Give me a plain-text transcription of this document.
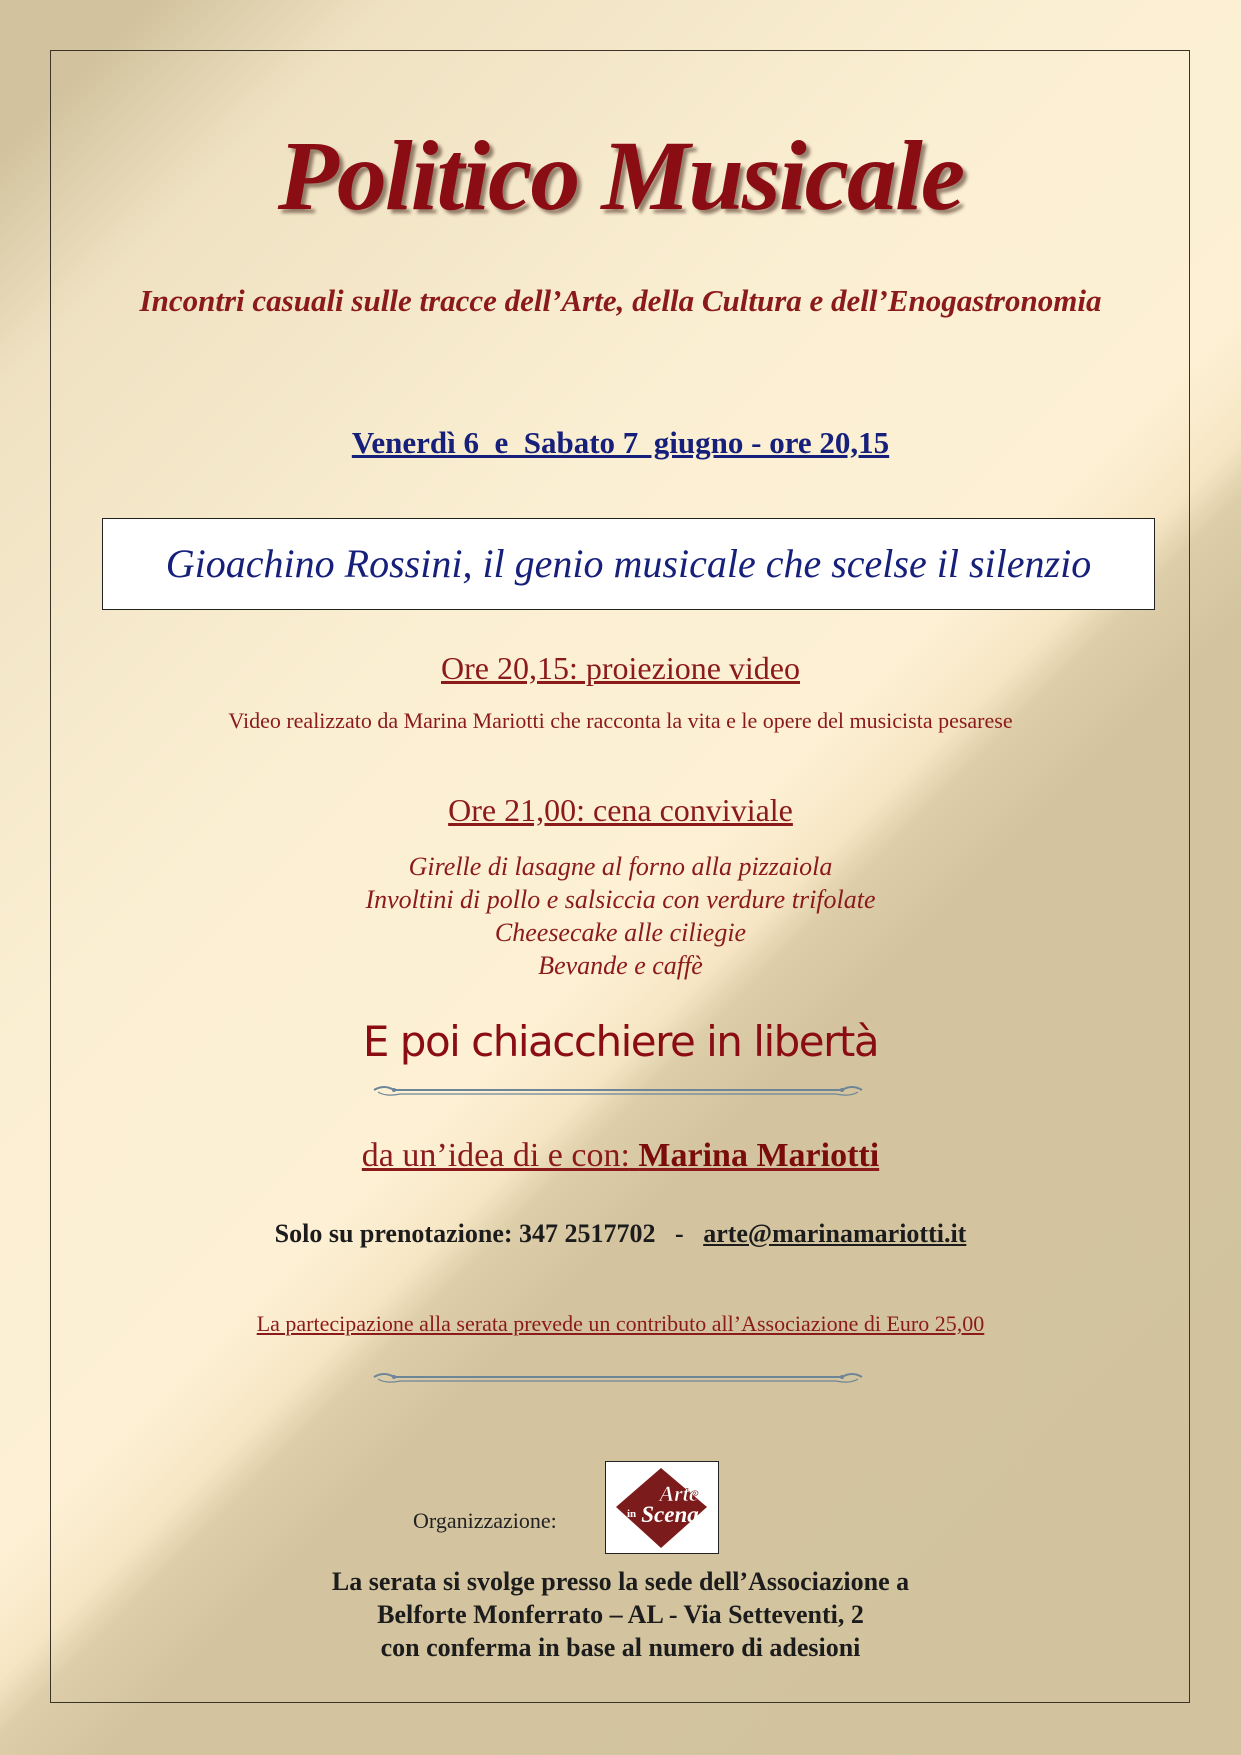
Politico Musicale
Incontri casuali sulle tracce dell’Arte, della Cultura e dell’Enogastronomia
Venerdì 6  e  Sabato 7  giugno - ore 20,15
Gioachino Rossini, il genio musicale che scelse il silenzio
Ore 20,15: proiezione video
Video realizzato da Marina Mariotti che racconta la vita e le opere del musicista pesarese
Ore 21,00: cena conviviale
Girelle di lasagne al forno alla pizzaiola
Involtini di pollo e salsiccia con verdure trifolate
Cheesecake alle ciliegie
Bevande e caffè
E poi chiacchiere in libertà
da un’idea di e con: Marina Mariotti
Solo su prenotazione: 347 2517702 - arte@marinamariotti.it
La partecipazione alla serata prevede un contributo all’Associazione di Euro 25,00
Organizzazione:
Arte
in Scena
La serata si svolge presso la sede dell’Associazione a
Belforte Monferrato – AL - Via Setteventi, 2
con conferma in base al numero di adesioni
